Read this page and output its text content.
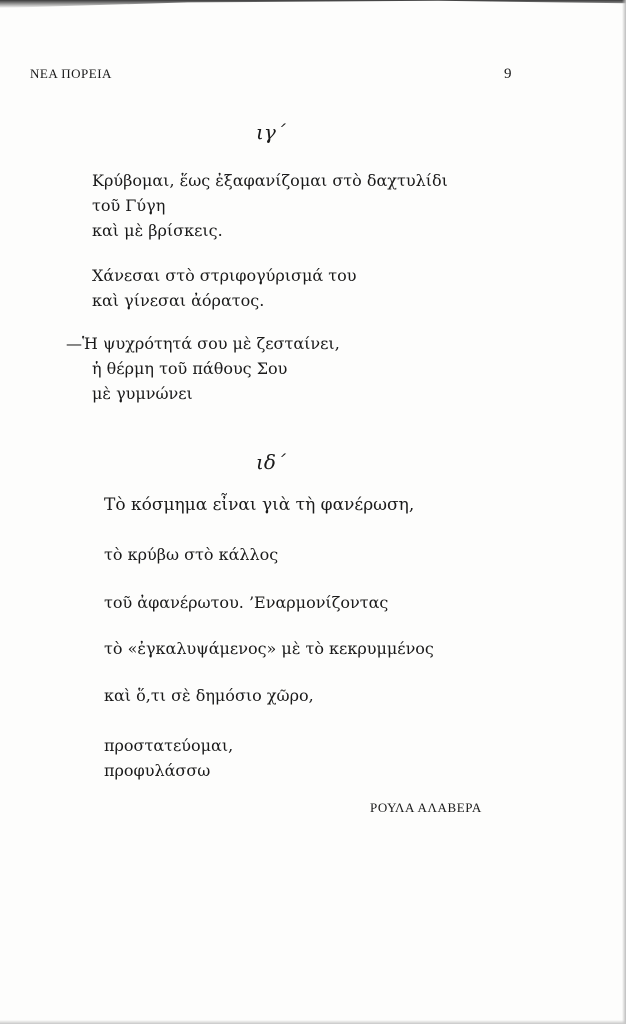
ΝΕΑ ΠΟΡΕΙΑ	9
ιγ΄
Κρύβομαι, ἕως ἐξαφανίζομαι στὸ δαχτυλίδι
τοῦ Γύγη
καὶ μὲ βρίσκεις.
Χάνεσαι στὸ στριφογύρισμά του
καὶ γίνεσαι ἀόρατος.
—Ἡ ψυχρότητά σου μὲ ζεσταίνει,
ἡ θέρμη τοῦ πάθους Σου
μὲ γυμνώνει
ιδ΄
Τὸ κόσμημα εἶναι γιὰ τὴ φανέρωση,
τὸ κρύβω στὸ κάλλος
τοῦ ἀφανέρωτου. ’Εναρμονίζοντας
τὸ «ἐγκαλυψάμενος» μὲ τὸ κεκρυμμένος
καὶ ὅ,τι σὲ δημόσιο χῶρο,
προστατεύομαι,
προφυλάσσω
ΡΟΥΛΑ ΑΛΑΒΕΡΑ
